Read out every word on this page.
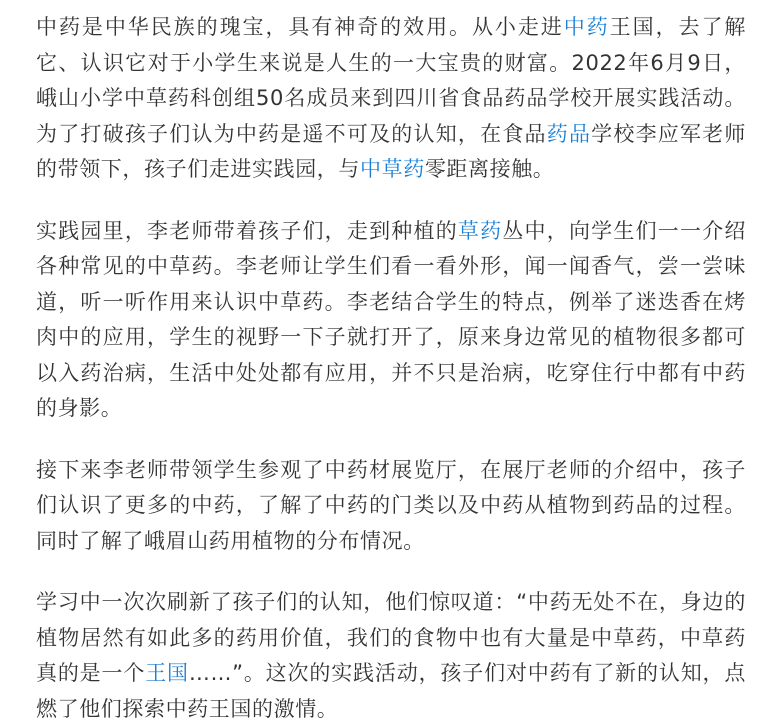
中药是中华民族的瑰宝，具有神奇的效用。从小走进中药王国，去了解它、认识它对于小学生来说是人生的一大宝贵的财富。2022年6月9日，峨山小学中草药科创组50名成员来到四川省食品药品学校开展实践活动。为了打破孩子们认为中药是遥不可及的认知，在食品药品学校李应军老师的带领下，孩子们走进实践园，与中草药零距离接触。

实践园里，李老师带着孩子们，走到种植的草药丛中，向学生们一一介绍各种常见的中草药。李老师让学生们看一看外形，闻一闻香气，尝一尝味道，听一听作用来认识中草药。李老结合学生的特点，例举了迷迭香在烤肉中的应用，学生的视野一下子就打开了，原来身边常见的植物很多都可以入药治病，生活中处处都有应用，并不只是治病，吃穿住行中都有中药的身影。

接下来李老师带领学生参观了中药材展览厅，在展厅老师的介绍中，孩子们认识了更多的中药，了解了中药的门类以及中药从植物到药品的过程。同时了解了峨眉山药用植物的分布情况。

学习中一次次刷新了孩子们的认知，他们惊叹道：“中药无处不在，身边的植物居然有如此多的药用价值，我们的食物中也有大量是中草药，中草药真的是一个王国……”。这次的实践活动，孩子们对中药有了新的认知，点燃了他们探索中药王国的激情。
